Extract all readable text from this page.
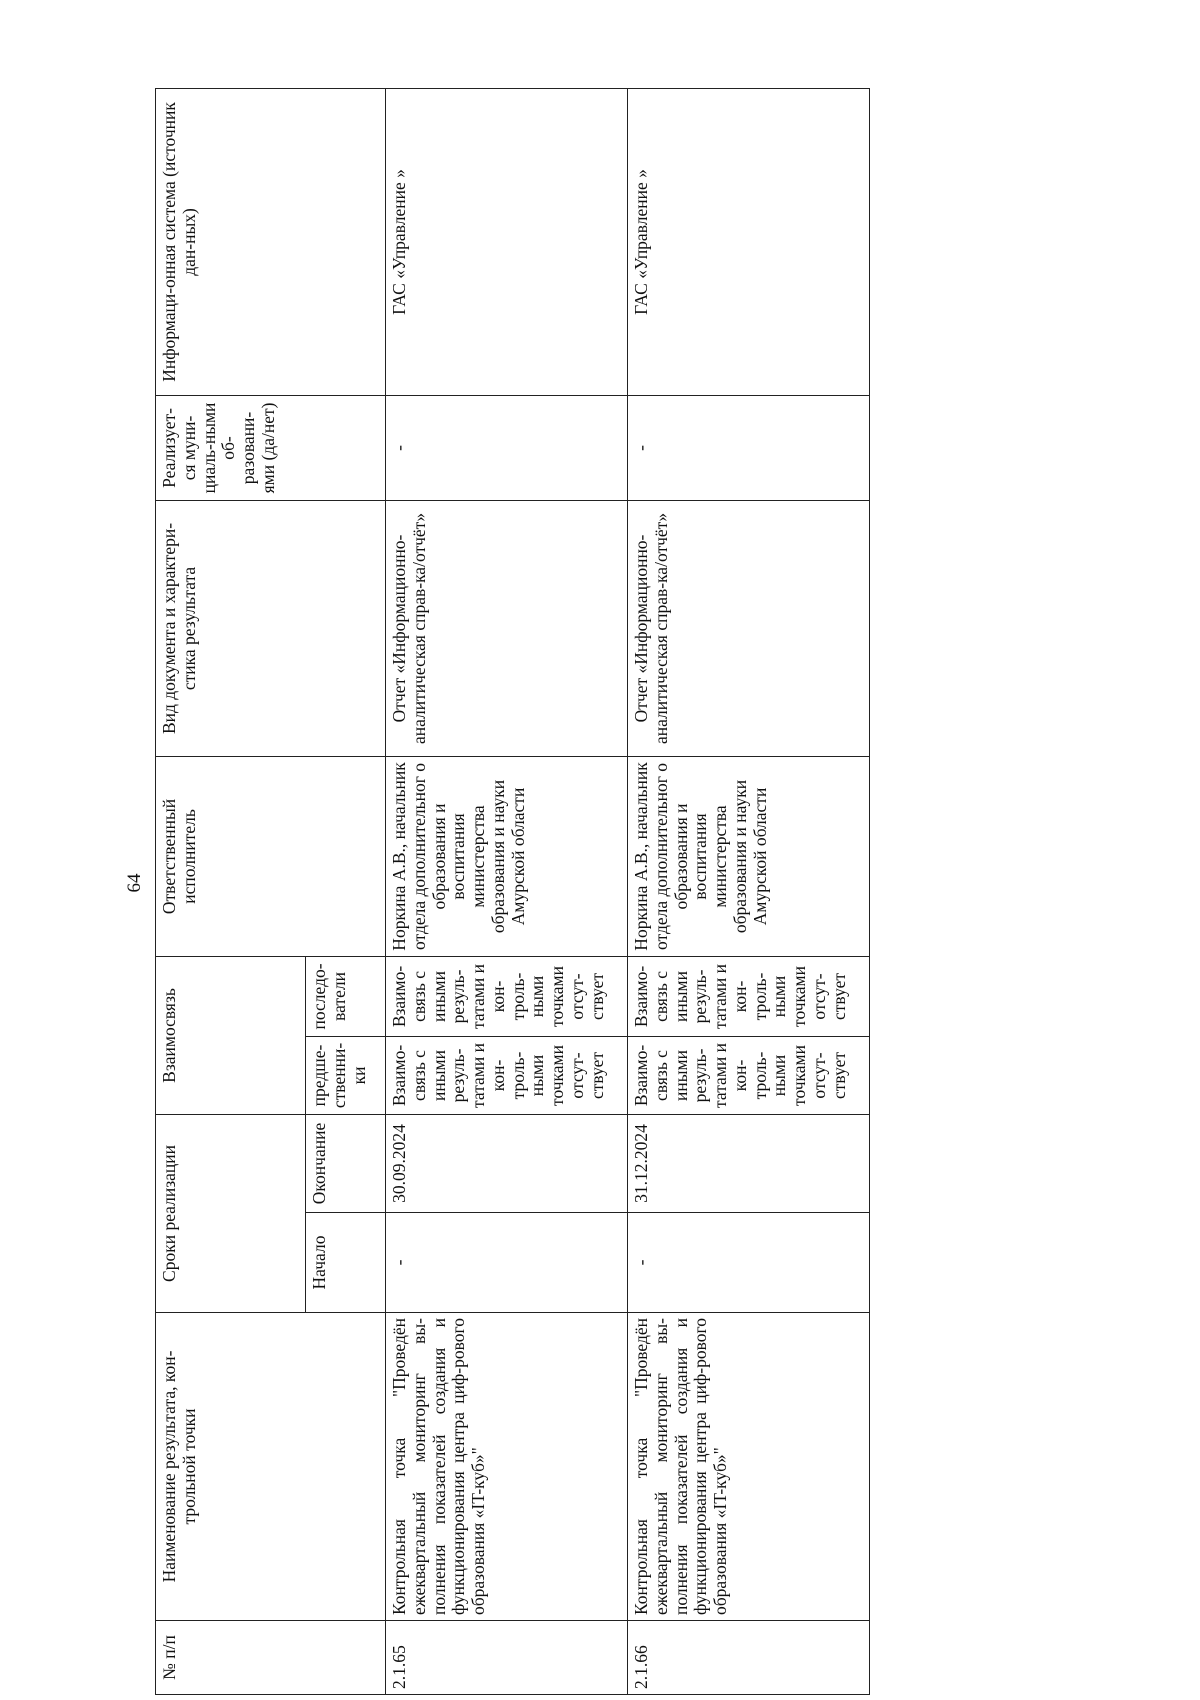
64
№ п/п	Наименование результата, кон-трольной точки	Сроки реализации		Взаимосвязь		Ответственный исполнитель	Вид документа и характери-стика результата	Реализует-ся муни-циаль-ными об-разовани-ями (да/нет)	Информаци-онная система (источник дан-ных)
		Начало	Окончание	предше-ственни-ки	последо-ватели				
2.1.65	Контрольная точка "Проведён ежеквартальный мониторинг вы-полнения показателей создания и функционирования центра циф-рового образования «IT-куб»"	-	30.09.2024	Взаимо-связь с иными резуль-татами и кон-троль-ными точками отсут-ствует	Взаимо-связь с иными резуль-татами и кон-троль-ными точками отсут-ствует	Норкина А.В., начальник отдела дополнительног о образования и воспитания министерства образования и науки Амурской области	Отчет «Информационно-аналитическая справ-ка/отчёт»	-	ГАС «Управление »
2.1.66	Контрольная точка "Проведён ежеквартальный мониторинг вы-полнения показателей создания и функционирования центра циф-рового образования «IT-куб»"	-	31.12.2024	Взаимо-связь с иными резуль-татами и кон-троль-ными точками отсут-ствует	Взаимо-связь с иными резуль-татами и кон-троль-ными точками отсут-ствует	Норкина А.В., начальник отдела дополнительног о образования и воспитания министерства образования и науки Амурской области	Отчет «Информационно-аналитическая справ-ка/отчёт»	-	ГАС «Управление »
